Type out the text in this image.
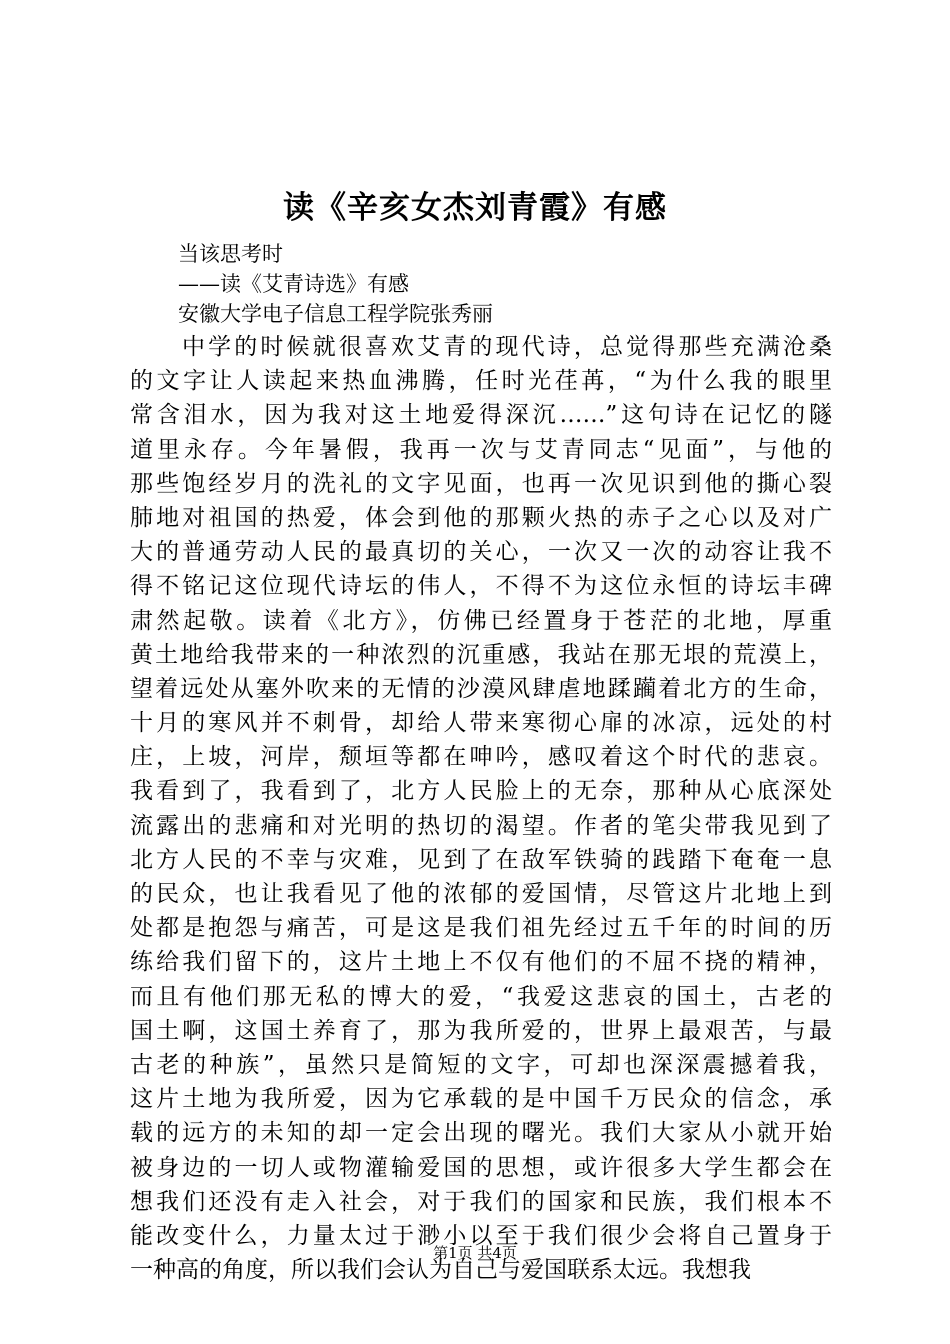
读《辛亥女杰刘青霞》有感

当该思考时

——读《艾青诗选》有感

安徽大学电子信息工程学院张秀丽

中学的时候就很喜欢艾青的现代诗，总觉得那些充满沧桑
的文字让人读起来热血沸腾，任时光荏苒，“为什么我的眼里
常含泪水，因为我对这土地爱得深沉……”这句诗在记忆的隧
道里永存。今年暑假，我再一次与艾青同志“见面”，与他的
那些饱经岁月的洗礼的文字见面，也再一次见识到他的撕心裂
肺地对祖国的热爱，体会到他的那颗火热的赤子之心以及对广
大的普通劳动人民的最真切的关心，一次又一次的动容让我不
得不铭记这位现代诗坛的伟人，不得不为这位永恒的诗坛丰碑
肃然起敬。读着《北方》，仿佛已经置身于苍茫的北地，厚重
黄土地给我带来的一种浓烈的沉重感，我站在那无垠的荒漠上，
望着远处从塞外吹来的无情的沙漠风肆虐地蹂躏着北方的生命，
十月的寒风并不刺骨，却给人带来寒彻心扉的冰凉，远处的村
庄，上坡，河岸，颓垣等都在呻吟，感叹着这个时代的悲哀。
我看到了，我看到了，北方人民脸上的无奈，那种从心底深处
流露出的悲痛和对光明的热切的渴望。作者的笔尖带我见到了
北方人民的不幸与灾难，见到了在敌军铁骑的践踏下奄奄一息
的民众，也让我看见了他的浓郁的爱国情，尽管这片北地上到
处都是抱怨与痛苦，可是这是我们祖先经过五千年的时间的历
练给我们留下的，这片土地上不仅有他们的不屈不挠的精神，
而且有他们那无私的博大的爱，“我爱这悲哀的国土，古老的
国土啊，这国土养育了，那为我所爱的，世界上最艰苦，与最
古老的种族”，虽然只是简短的文字，可却也深深震撼着我，
这片土地为我所爱，因为它承载的是中国千万民众的信念，承
载的远方的未知的却一定会出现的曙光。我们大家从小就开始
被身边的一切人或物灌输爱国的思想，或许很多大学生都会在
想我们还没有走入社会，对于我们的国家和民族，我们根本不
能改变什么，力量太过于渺小以至于我们很少会将自己置身于
一种高的角度，所以我们会认为自己与爱国联系太远。我想我

第1页 共4页
